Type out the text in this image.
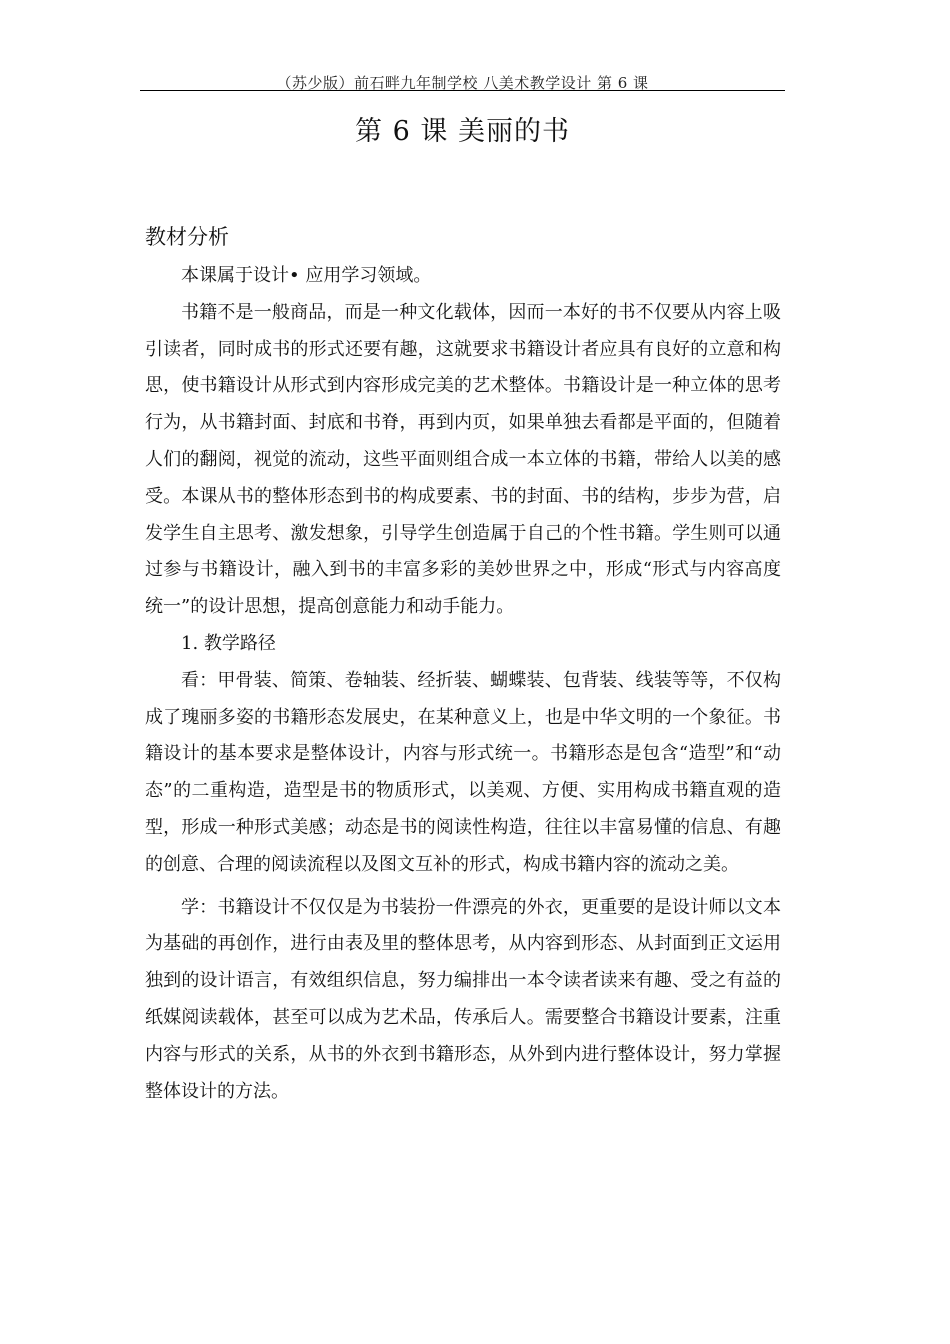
（苏少版）前石畔九年制学校 八美术教学设计 第 6 课
第 6 课 美丽的书
教材分析

本课属于设计• 应用学习领域。

书籍不是一般商品，而是一种文化载体，因而一本好的书不仅要从内容上吸引读者，同时成书的形式还要有趣，这就要求书籍设计者应具有良好的立意和构思，使书籍设计从形式到内容形成完美的艺术整体。书籍设计是一种立体的思考行为，从书籍封面、封底和书脊，再到内页，如果单独去看都是平面的，但随着人们的翻阅，视觉的流动，这些平面则组合成一本立体的书籍，带给人以美的感受。本课从书的整体形态到书的构成要素、书的封面、书的结构，步步为营，启发学生自主思考、激发想象，引导学生创造属于自己的个性书籍。学生则可以通过参与书籍设计，融入到书的丰富多彩的美妙世界之中，形成“形式与内容高度统一”的设计思想，提高创意能力和动手能力。

1. 教学路径

看：甲骨装、简策、卷轴装、经折装、蝴蝶装、包背装、线装等等，不仅构成了瑰丽多姿的书籍形态发展史，在某种意义上，也是中华文明的一个象征。书籍设计的基本要求是整体设计，内容与形式统一。书籍形态是包含“造型”和“动态”的二重构造，造型是书的物质形式，以美观、方便、实用构成书籍直观的造型，形成一种形式美感；动态是书的阅读性构造，往往以丰富易懂的信息、有趣的创意、合理的阅读流程以及图文互补的形式，构成书籍内容的流动之美。

学：书籍设计不仅仅是为书装扮一件漂亮的外衣，更重要的是设计师以文本为基础的再创作，进行由表及里的整体思考，从内容到形态、从封面到正文运用独到的设计语言，有效组织信息，努力编排出一本令读者读来有趣、受之有益的纸媒阅读载体，甚至可以成为艺术品，传承后人。需要整合书籍设计要素，注重内容与形式的关系，从书的外衣到书籍形态，从外到内进行整体设计，努力掌握整体设计的方法。
